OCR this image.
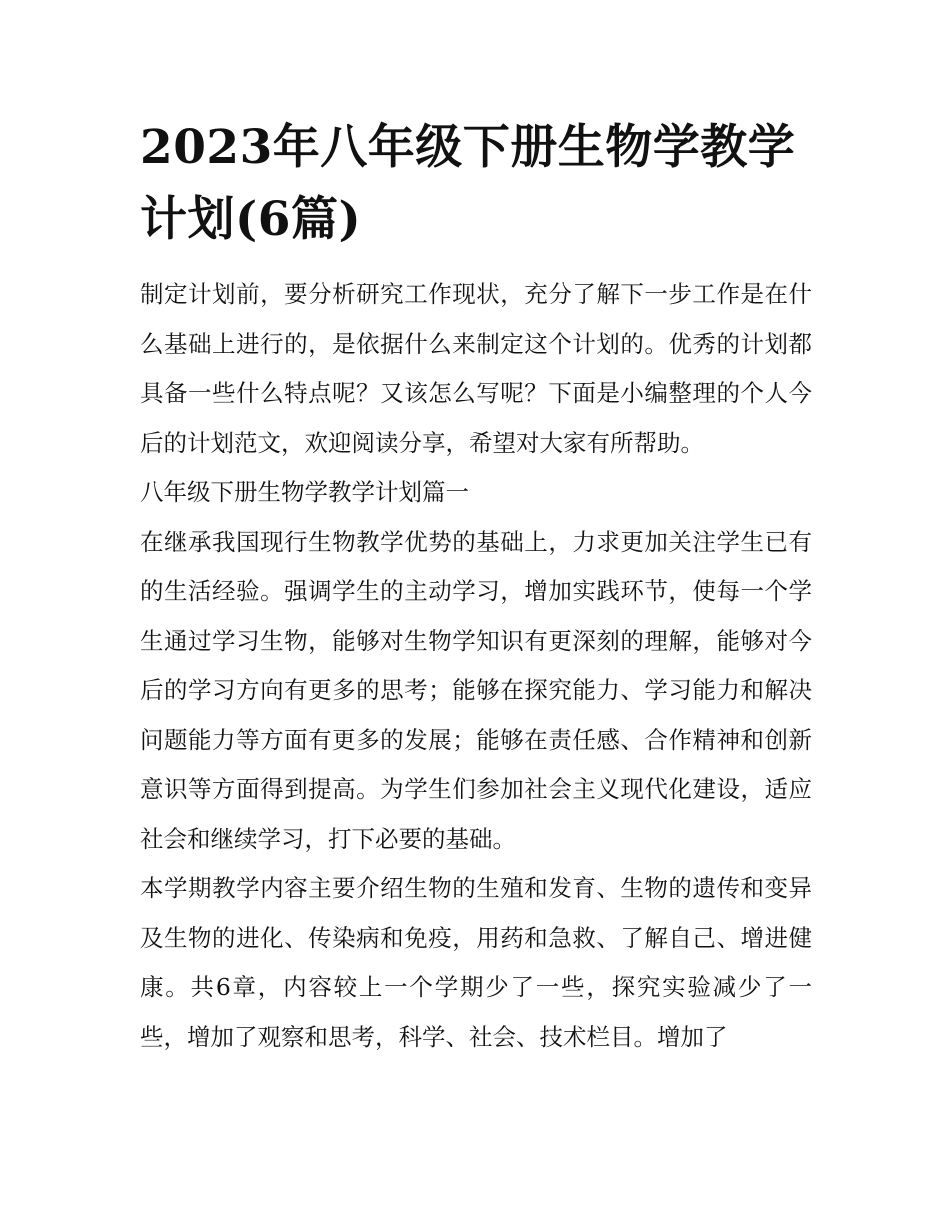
2023年八年级下册生物学教学计划(6篇)

制定计划前，要分析研究工作现状，充分了解下一步工作是在什么基础上进行的，是依据什么来制定这个计划的。优秀的计划都具备一些什么特点呢？又该怎么写呢？下面是小编整理的个人今后的计划范文，欢迎阅读分享，希望对大家有所帮助。

八年级下册生物学教学计划篇一

在继承我国现行生物教学优势的基础上，力求更加关注学生已有的生活经验。强调学生的主动学习，增加实践环节，使每一个学生通过学习生物，能够对生物学知识有更深刻的理解，能够对今后的学习方向有更多的思考；能够在探究能力、学习能力和解决问题能力等方面有更多的发展；能够在责任感、合作精神和创新意识等方面得到提高。为学生们参加社会主义现代化建设，适应社会和继续学习，打下必要的基础。

本学期教学内容主要介绍生物的生殖和发育、生物的遗传和变异及生物的进化、传染病和免疫，用药和急救、了解自己、增进健康。共6章，内容较上一个学期少了一些，探究实验减少了一些，增加了观察和思考，科学、社会、技术栏目。增加了
